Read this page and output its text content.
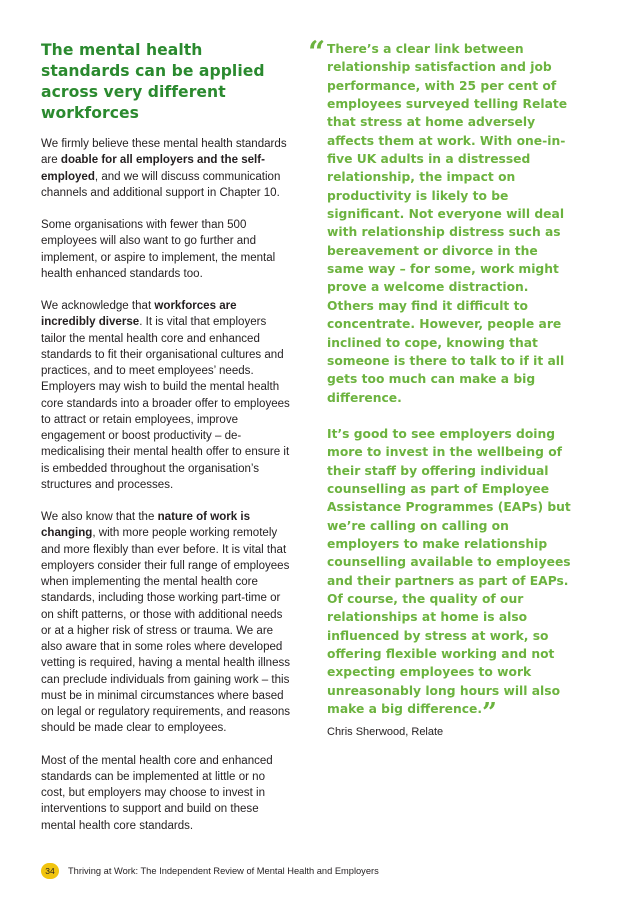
The mental health standards can be applied across very different workforces

We firmly believe these mental health standards are doable for all employers and the self-employed, and we will discuss communication channels and additional support in Chapter 10.

Some organisations with fewer than 500 employees will also want to go further and implement, or aspire to implement, the mental health enhanced standards too.

We acknowledge that workforces are incredibly diverse. It is vital that employers tailor the mental health core and enhanced standards to fit their organisational cultures and practices, and to meet employees’ needs. Employers may wish to build the mental health core standards into a broader offer to employees to attract or retain employees, improve engagement or boost productivity – de-medicalising their mental health offer to ensure it is embedded throughout the organisation’s structures and processes.

We also know that the nature of work is changing, with more people working remotely and more flexibly than ever before. It is vital that employers consider their full range of employees when implementing the mental health core standards, including those working part-time or on shift patterns, or those with additional needs or at a higher risk of stress or trauma. We are also aware that in some roles where developed vetting is required, having a mental health illness can preclude individuals from gaining work – this must be in minimal circumstances where based on legal or regulatory requirements, and reasons should be made clear to employees.

Most of the mental health core and enhanced standards can be implemented at little or no cost, but employers may choose to invest in interventions to support and build on these mental health core standards.

“ There’s a clear link between relationship satisfaction and job performance, with 25 per cent of employees surveyed telling Relate that stress at home adversely affects them at work. With one-in-five UK adults in a distressed relationship, the impact on productivity is likely to be significant. Not everyone will deal with relationship distress such as bereavement or divorce in the same way – for some, work might prove a welcome distraction. Others may find it difficult to concentrate. However, people are inclined to cope, knowing that someone is there to talk to if it all gets too much can make a big difference.

It’s good to see employers doing more to invest in the wellbeing of their staff by offering individual counselling as part of Employee Assistance Programmes (EAPs) but we’re calling on calling on employers to make relationship counselling available to employees and their partners as part of EAPs. Of course, the quality of our relationships at home is also influenced by stress at work, so offering flexible working and not expecting employees to work unreasonably long hours will also make a big difference.”

Chris Sherwood, Relate
34	Thriving at Work: The Independent Review of Mental Health and Employers
